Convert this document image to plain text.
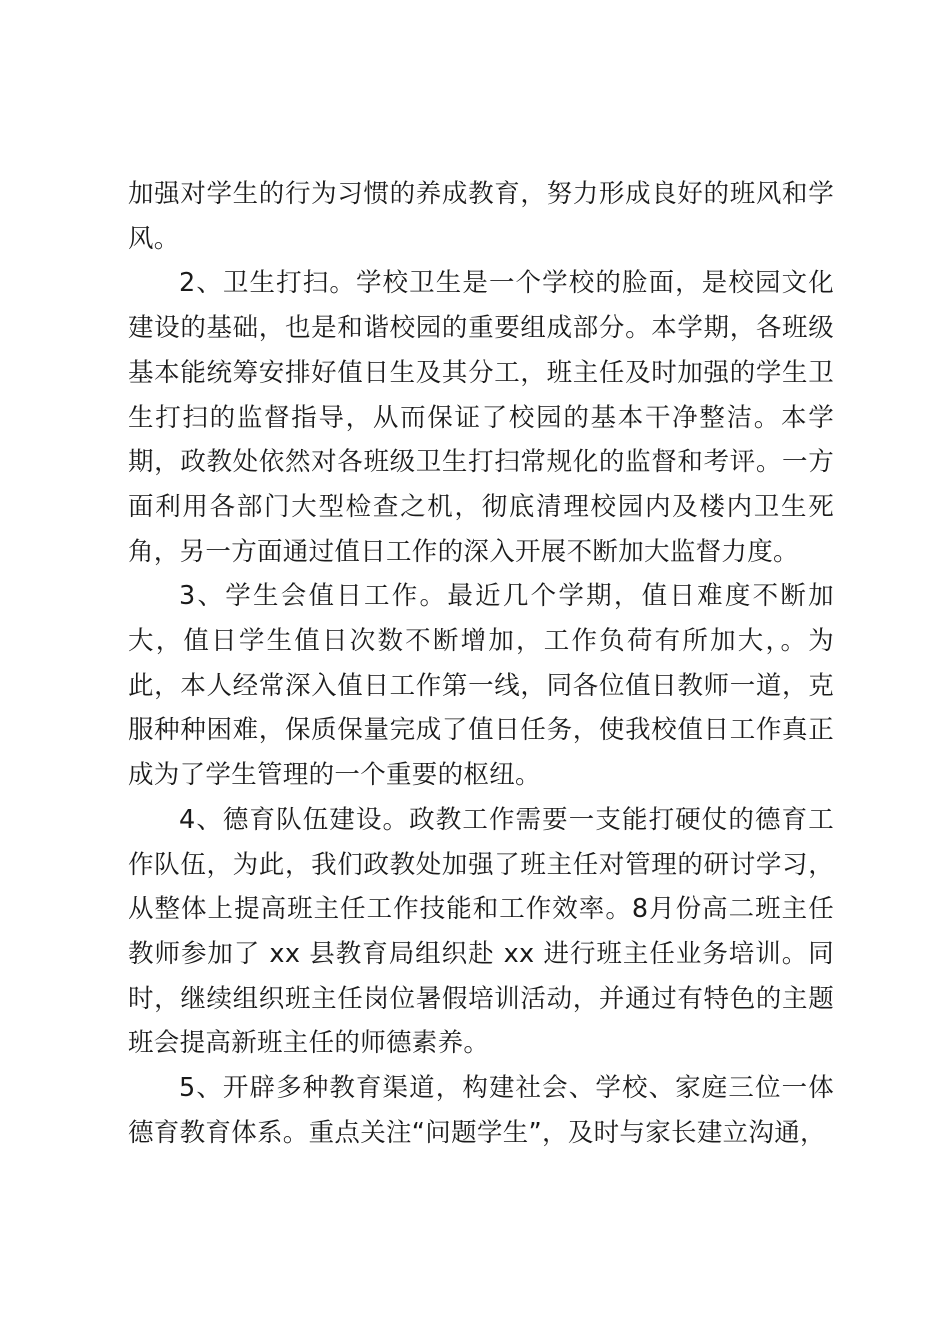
加强对学生的行为习惯的养成教育，努力形成良好的班风和学风。

2、卫生打扫。学校卫生是一个学校的脸面，是校园文化建设的基础，也是和谐校园的重要组成部分。本学期，各班级基本能统筹安排好值日生及其分工，班主任及时加强的学生卫生打扫的监督指导，从而保证了校园的基本干净整洁。本学期，政教处依然对各班级卫生打扫常规化的监督和考评。一方面利用各部门大型检查之机，彻底清理校园内及楼内卫生死角，另一方面通过值日工作的深入开展不断加大监督力度。

3、学生会值日工作。最近几个学期，值日难度不断加大，值日学生值日次数不断增加，工作负荷有所加大，。为此，本人经常深入值日工作第一线，同各位值日教师一道，克服种种困难，保质保量完成了值日任务，使我校值日工作真正成为了学生管理的一个重要的枢纽。

4、德育队伍建设。政教工作需要一支能打硬仗的德育工作队伍，为此，我们政教处加强了班主任对管理的研讨学习，从整体上提高班主任工作技能和工作效率。8月份高二班主任教师参加了 xx 县教育局组织赴 xx 进行班主任业务培训。同时，继续组织班主任岗位暑假培训活动，并通过有特色的主题班会提高新班主任的师德素养。

5、开辟多种教育渠道，构建社会、学校、家庭三位一体德育教育体系。重点关注“问题学生”，及时与家长建立沟通，
